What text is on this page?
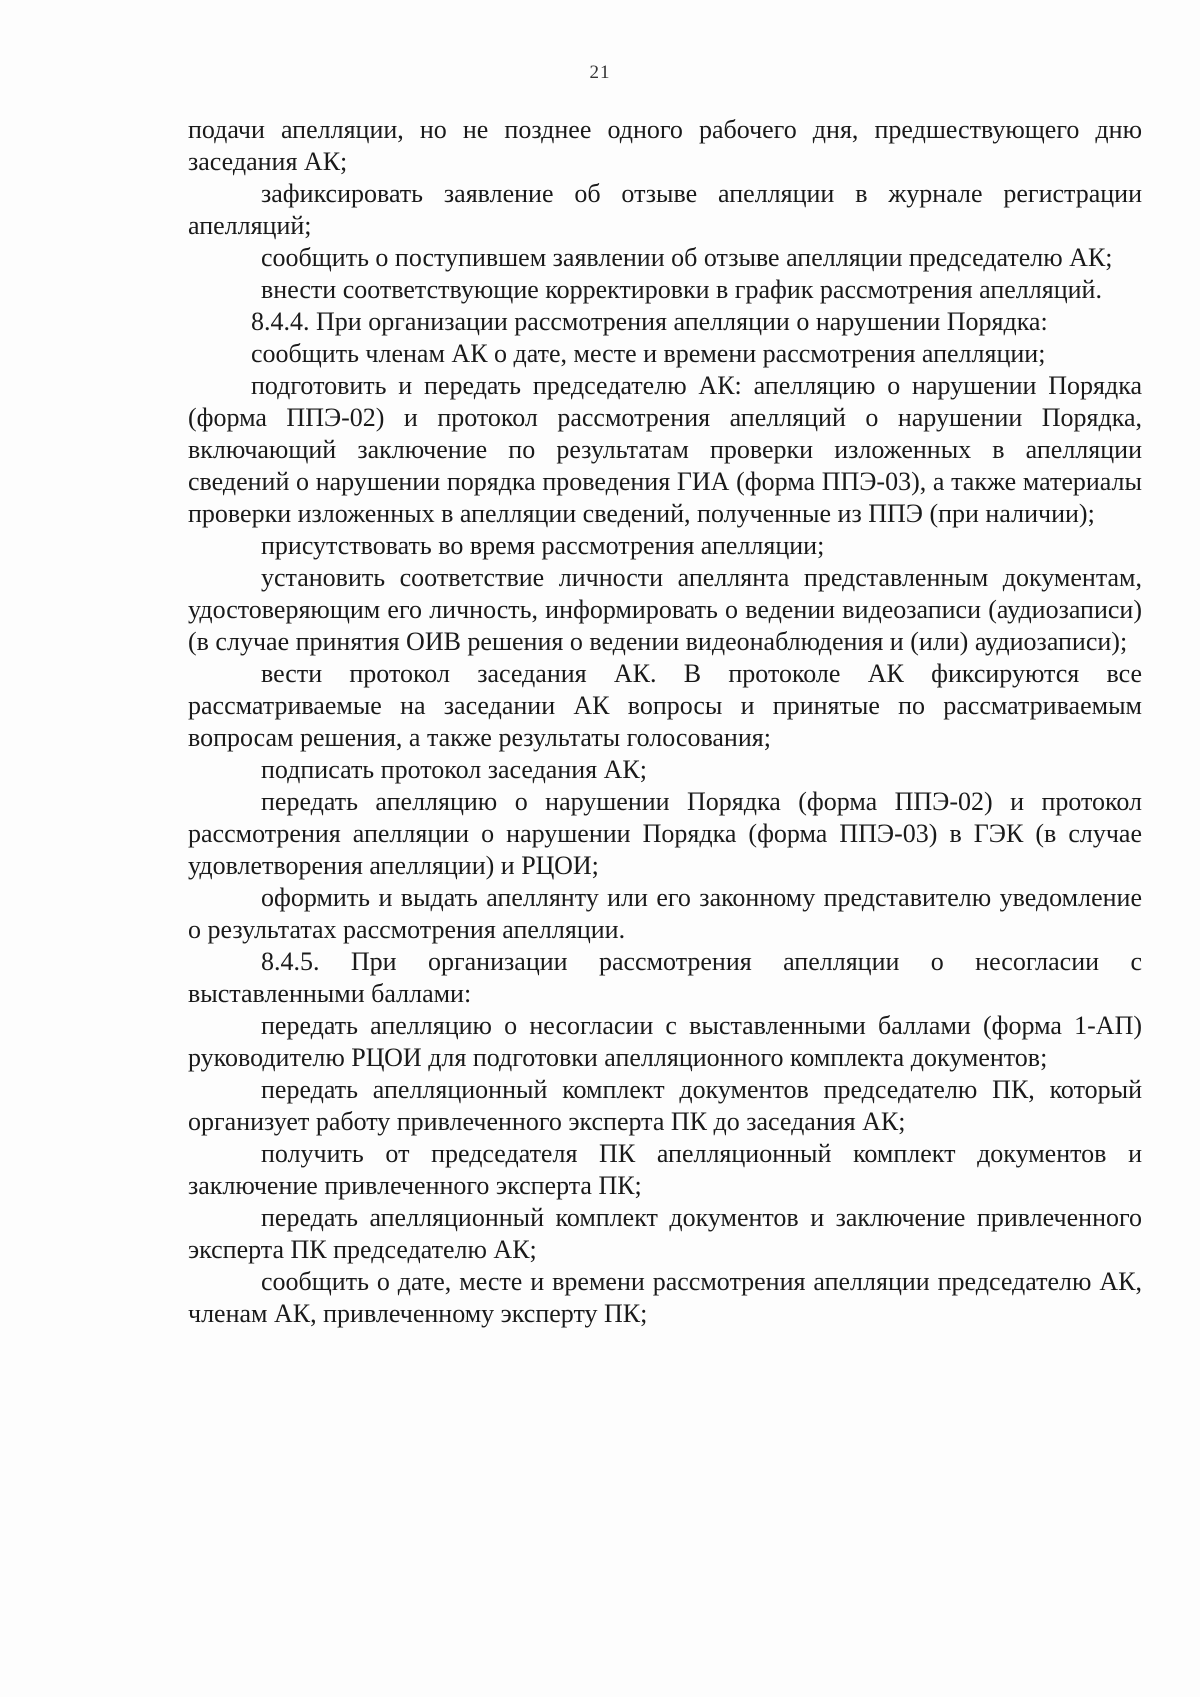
21

подачи апелляции, но не позднее одного рабочего дня, предшествующего дню заседания АК;

зафиксировать заявление об отзыве апелляции в журнале регистрации апелляций;

сообщить о поступившем заявлении об отзыве апелляции председателю АК;

внести соответствующие корректировки в график рассмотрения апелляций.

8.4.4. При организации рассмотрения апелляции о нарушении Порядка:

сообщить членам АК о дате, месте и времени рассмотрения апелляции;

подготовить и передать председателю АК: апелляцию о нарушении Порядка (форма ППЭ-02) и протокол рассмотрения апелляций о нарушении Порядка, включающий заключение по результатам проверки изложенных в апелляции сведений о нарушении порядка проведения ГИА (форма ППЭ-03), а также материалы проверки изложенных в апелляции сведений, полученные из ППЭ (при наличии);

присутствовать во время рассмотрения апелляции;

установить соответствие личности апеллянта представленным документам, удостоверяющим его личность, информировать о ведении видеозаписи (аудиозаписи) (в случае принятия ОИВ решения о ведении видеонаблюдения и (или) аудиозаписи);

вести протокол заседания АК. В протоколе АК фиксируются все рассматриваемые на заседании АК вопросы и принятые по рассматриваемым вопросам решения, а также результаты голосования;

подписать протокол заседания АК;

передать апелляцию о нарушении Порядка (форма ППЭ-02) и протокол рассмотрения апелляции о нарушении Порядка (форма ППЭ-03) в ГЭК (в случае удовлетворения апелляции) и РЦОИ;

оформить и выдать апеллянту или его законному представителю уведомление о результатах рассмотрения апелляции.

8.4.5. При организации рассмотрения апелляции о несогласии с выставленными баллами:

передать апелляцию о несогласии с выставленными баллами (форма 1-АП) руководителю РЦОИ для подготовки апелляционного комплекта документов;

передать апелляционный комплект документов председателю ПК, который организует работу привлеченного эксперта ПК до заседания АК;

получить от председателя ПК апелляционный комплект документов и заключение привлеченного эксперта ПК;

передать апелляционный комплект документов и заключение привлеченного эксперта ПК председателю АК;

сообщить о дате, месте и времени рассмотрения апелляции председателю АК, членам АК, привлеченному эксперту ПК;
